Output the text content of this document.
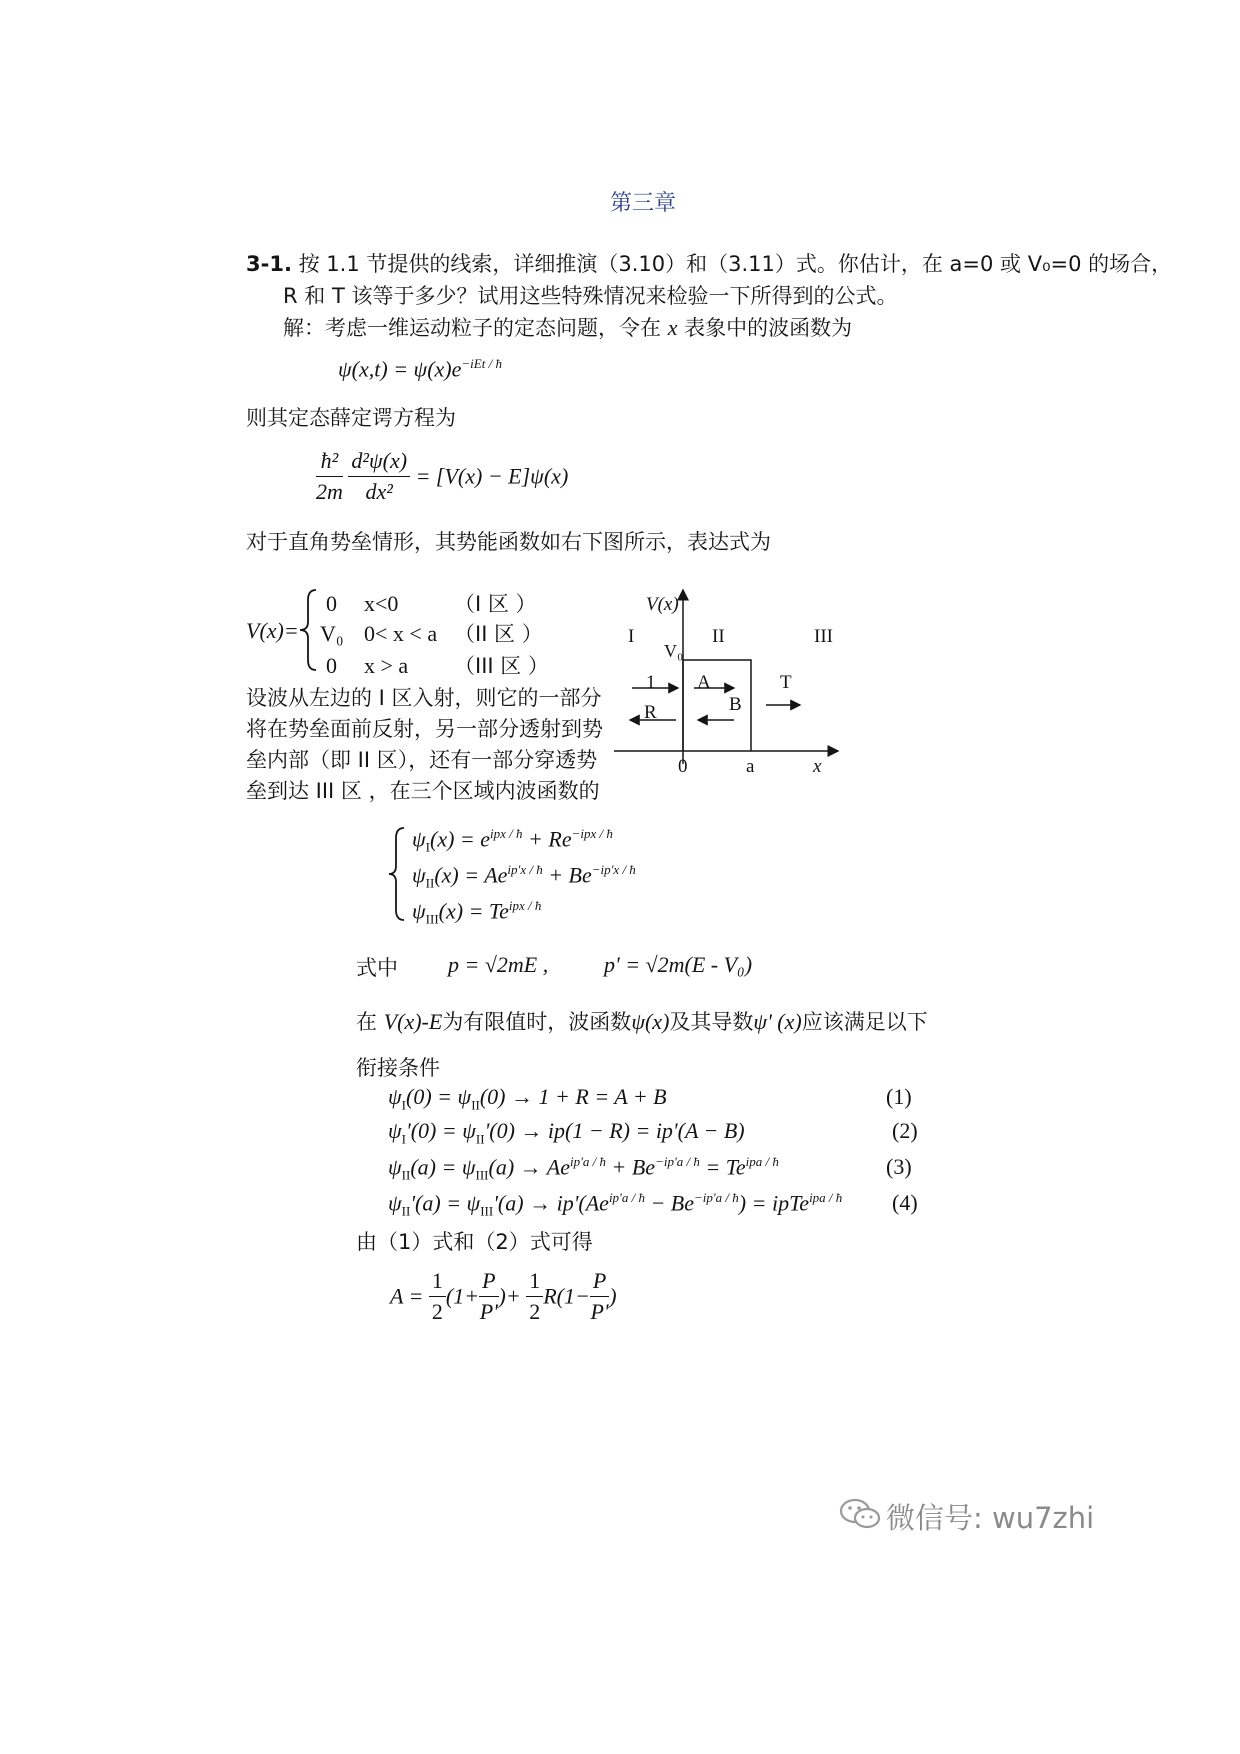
第三章
3-1. 按 1.1 节提供的线索，详细推演（3.10）和（3.11）式。你估计，在 a=0 或 V₀=0 的场合，
R 和 T 该等于多少？试用这些特殊情况来检验一下所得到的公式。
解：考虑一维运动粒子的定态问题，令在 x 表象中的波函数为
$\psi(x,t) = \psi(x)e^{-iEt / ħ}$
则其定态薛定谔方程为
$\frac{\text{ħ²}}{2m}$
$\frac{\text{d²ψ(x)}}{\text{dx²}} = [V(x) - E]\psi(x)$
对于直角势垒情形，其势能函数如右下图所示，表达式为
V(x)=
0 x<0	（I 区 ）
V₀ 0< x < a （II 区 ）
0 x > a （III 区 ）
设波从左边的 I 区入射，则它的一部分
将在势垒面前反射，另一部分透射到势
垒内部（即 II 区），还有一部分穿透势
垒到达 III 区 ，在三个区域内波函数的
V(x)
I	II	III
V₀
1
R
A
B
T
0	a	x
$\psi_I(x) = e^{ipx / ħ} + Re^{-ipx / ħ}$
$\psi_{II}(x) = Ae^{ip'x / ħ} + Be^{-ip'x / ħ}$
$\psi_{III}(x) = Te^{ipx / ħ}$
式中 p = √2mE ,	p' = √2m(E - V₀)
在 V(x)-E为有限值时，波函数ψ(x)及其导数ψ' (x)应该满足以下
衔接条件
$\psi_I(0) = \psi_{II}(0) \to 1 + R = A + B$	(1)
$\psi_I'(0) = \psi_{II}'(0) \to ip(1 - R) = ip'(A - B)$	(2)
$\psi_{II}(a) = \psi_{III}(a) \to Ae^{ip'a / ħ} + Be^{-ip'a / ħ} = Te^{ipa / ħ}$	(3)
$\psi_{II}'(a) = \psi_{III}'(a) \to ip'(Ae^{ip'a / ħ} - Be^{-ip'a / ħ})$ = ipTe$^{ipa / ħ}$ (4)
由（1）式和（2）式可得
$A = \frac{1}{2} (1+ \frac{P}{P'}$ )+ $\frac{1}{2} R(1- \frac{P}{P'}$ )
微信号: wu7zhi
